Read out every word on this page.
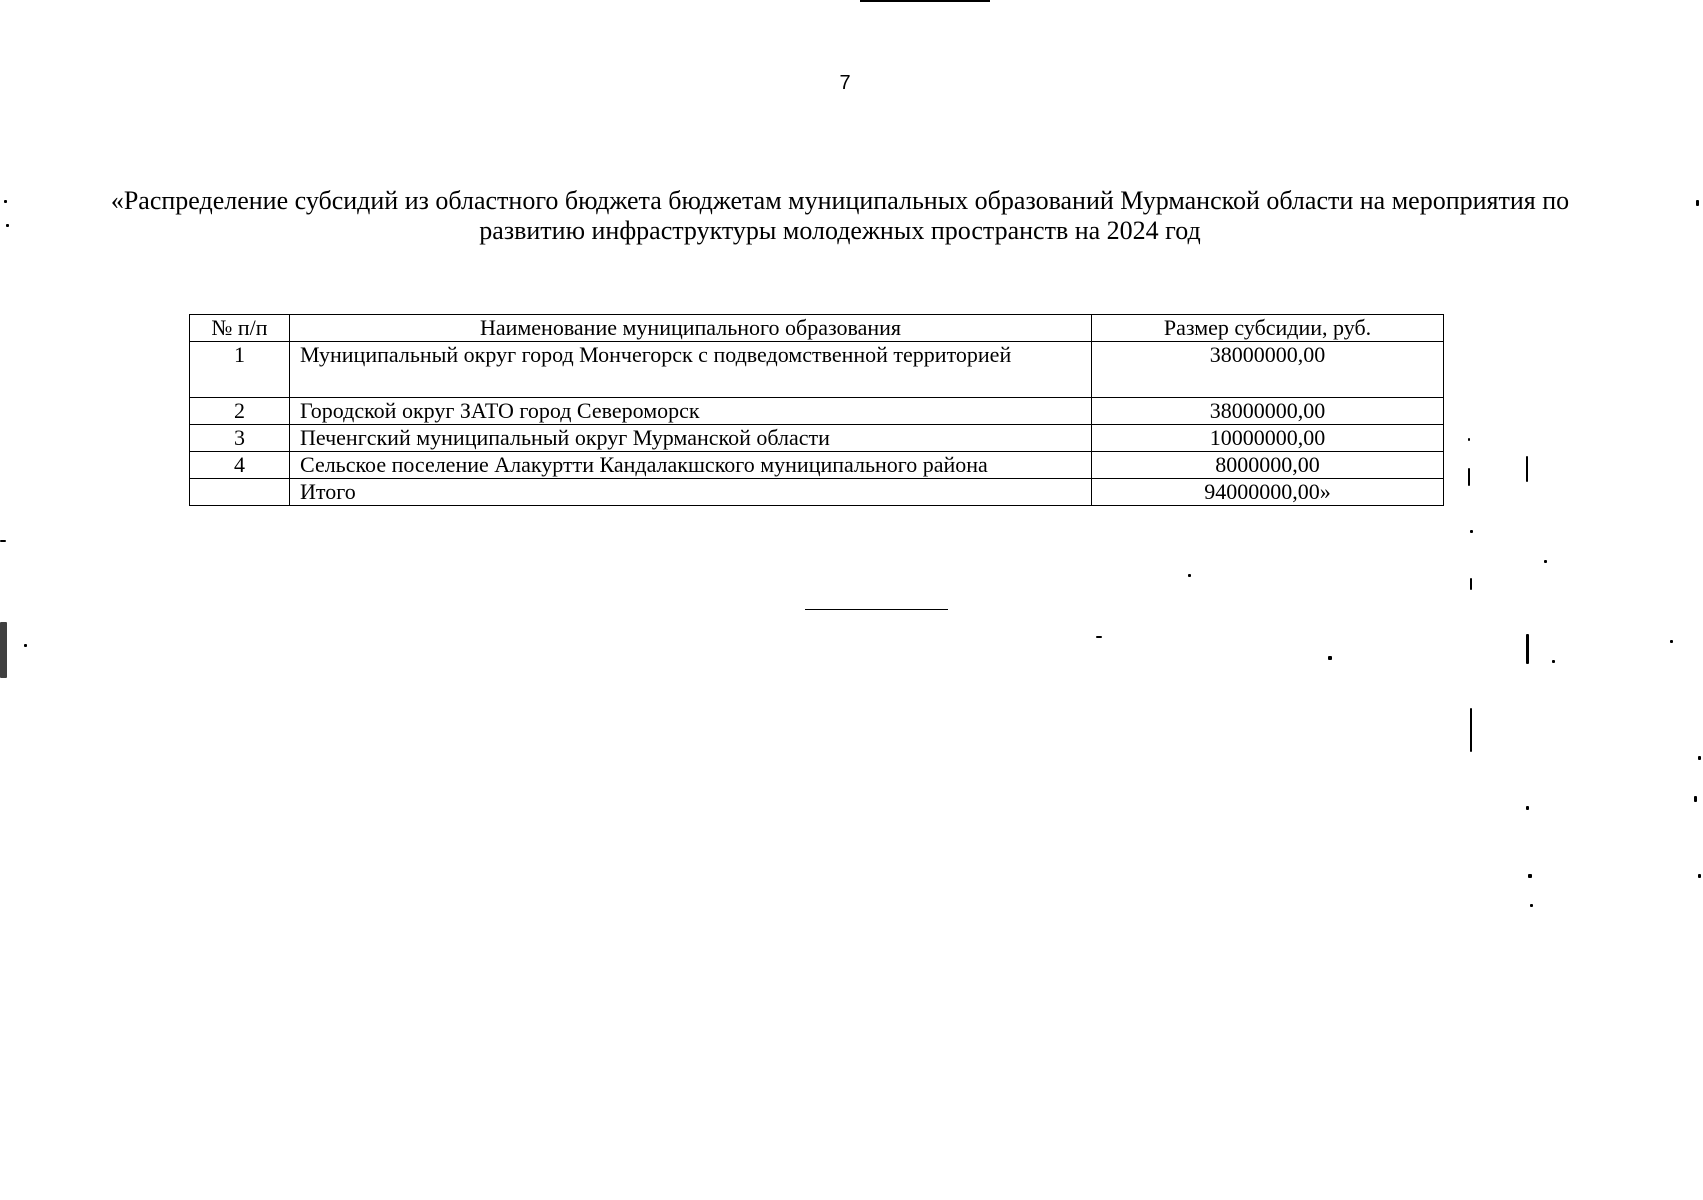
7
«Распределение субсидий из областного бюджета бюджетам муниципальных образований Мурманской области на мероприятия по развитию инфраструктуры молодежных пространств на 2024 год
№ п/п	Наименование муниципального образования	Размер субсидии, руб.
1	Муниципальный округ город Мончегорск с подведомственной территорией	38000000,00
2	Городской округ ЗАТО город Североморск	38000000,00
3	Печенгский муниципальный округ Мурманской области	10000000,00
4	Сельское поселение Алакуртти Кандалакшского муниципального района	8000000,00
	Итого	94000000,00»
